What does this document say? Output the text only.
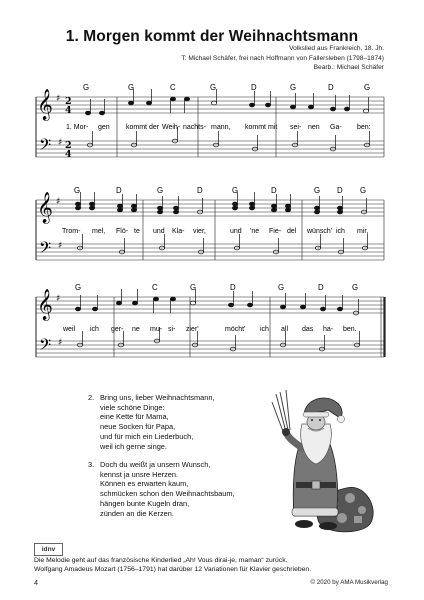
1. Morgen kommt der Weihnachtsmann
Volkslied aus Frankreich, 18. Jh.
T: Michael Schäfer, frei nach Hoffmann von Fallersleben (1798–1874)
Bearb.: Michael Schäfer
𝄞
𝄢
♯
♯
2
4
2
4
G	G	C	G	D	G	D	G
1. Mor- gen kommt der Weih- nachts- mann, kommt mit sei- nen Ga- ben:
𝄞
𝄢
♯
♯
G	D	G	D	G	D	G D G
Trom- mel, Flö- te und Kla- vier,	und 'ne Fie- del wünsch' ich mir,
𝄞
𝄢
♯
♯
G	C	G	D	G	D	G
weil ich ger- ne mu- si- zier'	möcht' ich all das ha- ben.
2. Bring uns, lieber Weihnachtsmann,
viele schöne Dinge:
eine Kette für Mama,
neue Socken für Papa,
und für mich ein Liederbuch,
weil ich gerne singe.
3. Doch du weißt ja unsern Wunsch,
kennst ja unsre Herzen.
Können es erwarten kaum,
schmücken schon den Weihnachtsbaum,
hängen bunte Kugeln dran,
zünden an die Kerzen.
idnv
Die Melodie geht auf das französische Kinderlied „Ah! Vous dirai-je, maman“ zurück.
Wolfgang Amadeus Mozart (1756–1791) hat darüber 12 Variationen für Klavier geschrieben.
4	© 2020 by AMA Musikverlag
